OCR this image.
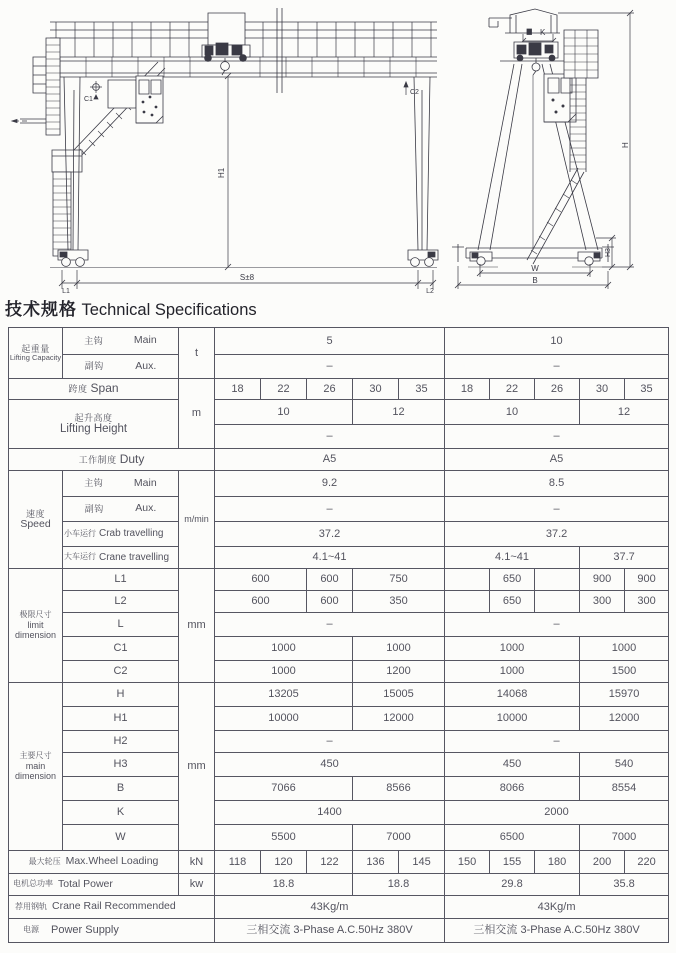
C1
C2
H1
S±8
L1	L2
K
H
H3
W
B
技术规格 Technical Specifications
起重量
Lifting Capacity	主钩 Main	t	5					10				

	副钩 Aux.		–					–				
跨度 Span		m	18	22	26	30	35	18	22	26	30	35

起升高度
Lifting Height			10			12		10			12	
			–					–				
工作制度 Duty			A5					A5				

速度
Speed	主钩 Main	m/min	9.2					8.5				

	副钩 Aux.		–					–				

	小车运行 Crab travelling		37.2					37.2				

	大车运行 Crane travelling		4.1~41					4.1~41			37.7	

极限尺寸
limit
dimension	L1	mm	600		600	750			650		900	900
	L2		600		600	350			650		300	300
	L		–					–				
	C1		1000			1000		1000			1000	
	C2		1000			1200		1000			1500	

主要尺寸
main
dimension	H	mm	13205			15005		14068			15970	
	H1		10000			12000		10000			12000	
	H2		–					–				
	H3		450					450			540	
	B		7066			8566		8066			8554	
	K		1400					2000				
	W		5500			7000		6500			7000	

最大轮压 Max.Wheel Loading		kN	118	120	122	136	145	150	155	180	200	220

电机总功率 Total Power		kw	18.8			18.8		29.8			35.8	

荐用钢轨 Crane Rail Recommended			43Kg/m					43Kg/m				

电源 Power Supply			三相交流 3-Phase A.C.50Hz 380V					三相交流 3-Phase A.C.50Hz 380V				
